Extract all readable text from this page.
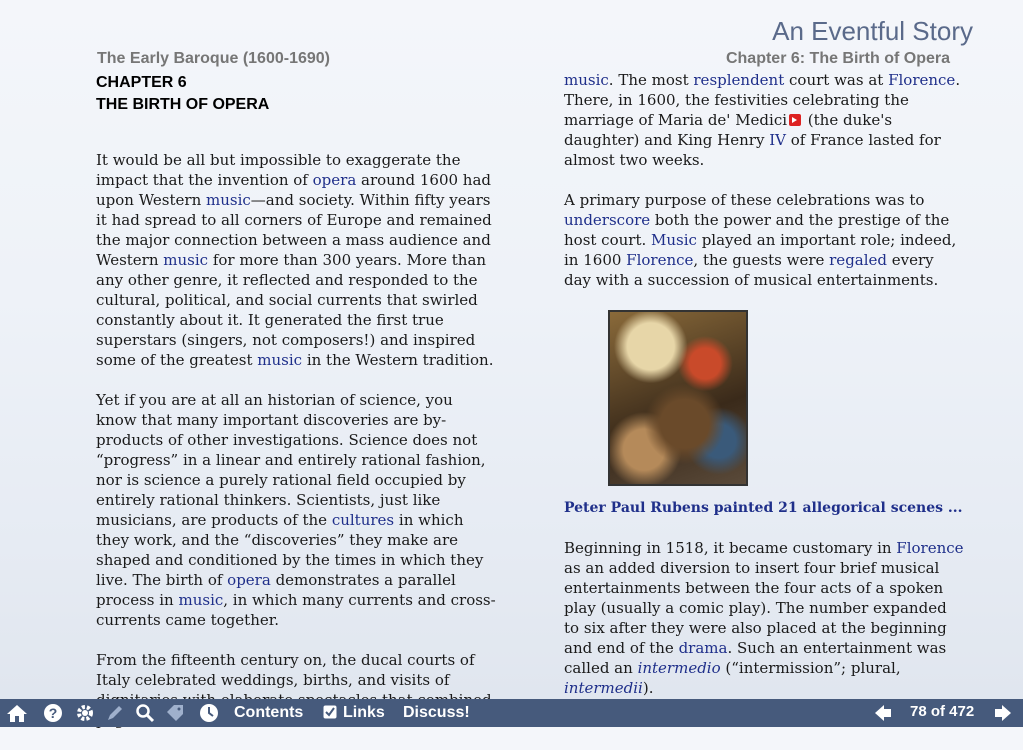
An Eventful Story
The Early Baroque (1600-1690)	Chapter 6: The Birth of Opera
CHAPTER 6
THE BIRTH OF OPERA

It would be all but impossible to exaggerate the impact that the invention of opera around 1600 had upon Western music—and society. Within fifty years it had spread to all corners of Europe and remained the major connection between a mass audience and Western music for more than 300 years. More than any other genre, it reflected and responded to the cultural, political, and social currents that swirled constantly about it. It generated the first true superstars (singers, not composers!) and inspired some of the greatest music in the Western tradition.

Yet if you are at all an historian of science, you know that many important discoveries are by-products of other investigations. Science does not “progress” in a linear and entirely rational fashion, nor is science a purely rational field occupied by entirely rational thinkers. Scientists, just like musicians, are products of the cultures in which they work, and the “discoveries” they make are shaped and conditioned by the times in which they live. The birth of opera demonstrates a parallel process in music, in which many currents and cross-currents came together.

From the fifteenth century on, the ducal courts of Italy celebrated weddings, births, and visits of

music. The most resplendent court was at Florence. There, in 1600, the festivities celebrating the marriage of Maria de' Medici (the duke's daughter) and King Henry IV of France lasted for almost two weeks.

A primary purpose of these celebrations was to underscore both the power and the prestige of the host court. Music played an important role; indeed, in 1600 Florence, the guests were regaled every day with a succession of musical entertainments.

Peter Paul Rubens painted 21 allegorical scenes ...

Beginning in 1518, it became customary in Florence as an added diversion to insert four brief musical entertainments between the four acts of a spoken play (usually a comic play). The number expanded to six after they were also placed at the beginning and end of the drama. Such an entertainment was called an intermedio (“intermission”; plural, intermedii).

?	Contents Links Discuss!	78 of 472
